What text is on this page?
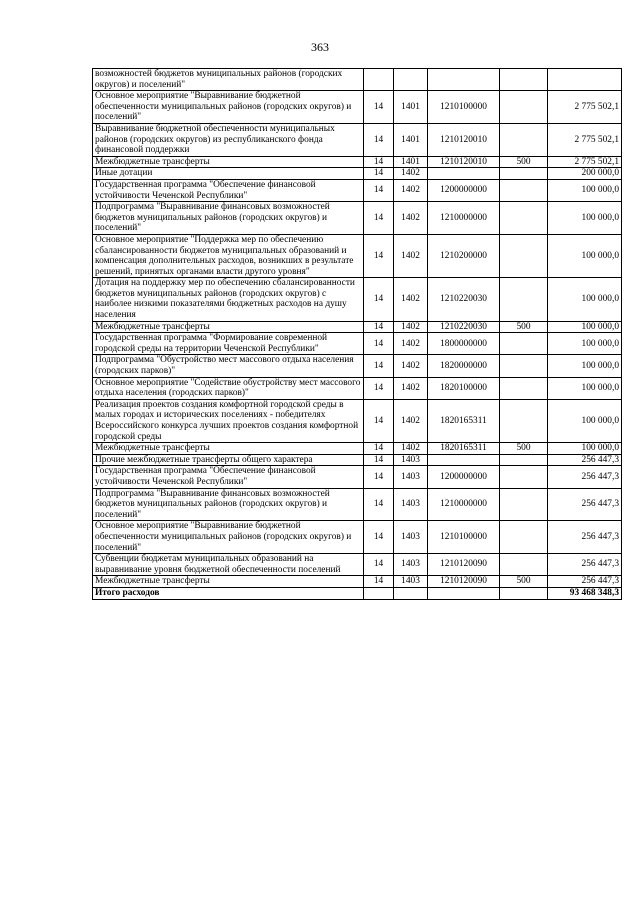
363
возможностей бюджетов муниципальных районов (городских округов) и поселений"					
Основное мероприятие "Выравнивание бюджетной обеспеченности муниципальных районов (городских округов) и поселений"	14	1401	1210100000		2 775 502,1
Выравнивание бюджетной обеспеченности муниципальных районов (городских округов) из республиканского фонда финансовой поддержки	14	1401	1210120010		2 775 502,1
Межбюджетные трансферты	14	1401	1210120010	500	2 775 502,1
Иные дотации	14	1402			200 000,0
Государственная программа "Обеспечение финансовой устойчивости Чеченской Республики"	14	1402	1200000000		100 000,0
Подпрограмма "Выравнивание финансовых возможностей бюджетов муниципальных районов (городских округов) и поселений"	14	1402	1210000000		100 000,0
Основное мероприятие "Поддержка мер по обеспечению сбалансированности бюджетов муниципальных образований и компенсация дополнительных расходов, возникших в результате решений, принятых органами власти другого уровня"	14	1402	1210200000		100 000,0
Дотация на поддержку мер по обеспечению сбалансированности бюджетов муниципальных районов (городских округов) с наиболее низкими показателями бюджетных расходов на душу населения	14	1402	1210220030		100 000,0
Межбюджетные трансферты	14	1402	1210220030	500	100 000,0
Государственная программа "Формирование современной городской среды на территории Чеченской Республики"	14	1402	1800000000		100 000,0
Подпрограмма "Обустройство мест массового отдыха населения (городских парков)"	14	1402	1820000000		100 000,0
Основное мероприятие "Содействие обустройству мест массового отдыха населения (городских парков)"	14	1402	1820100000		100 000,0
Реализация проектов создания комфортной городской среды в малых городах и исторических поселениях - победителях Всероссийского конкурса лучших проектов создания комфортной городской среды	14	1402	1820165311		100 000,0
Межбюджетные трансферты	14	1402	1820165311	500	100 000,0
Прочие межбюджетные трансферты общего характера	14	1403			256 447,3
Государственная программа "Обеспечение финансовой устойчивости Чеченской Республики"	14	1403	1200000000		256 447,3
Подпрограмма "Выравнивание финансовых возможностей бюджетов муниципальных районов (городских округов) и поселений"	14	1403	1210000000		256 447,3
Основное мероприятие "Выравнивание бюджетной обеспеченности муниципальных районов (городских округов) и поселений"	14	1403	1210100000		256 447,3
Субвенции бюджетам муниципальных образований на выравнивание уровня бюджетной обеспеченности поселений	14	1403	1210120090		256 447,3
Межбюджетные трансферты	14	1403	1210120090	500	256 447,3
Итого расходов					93 468 348,3
